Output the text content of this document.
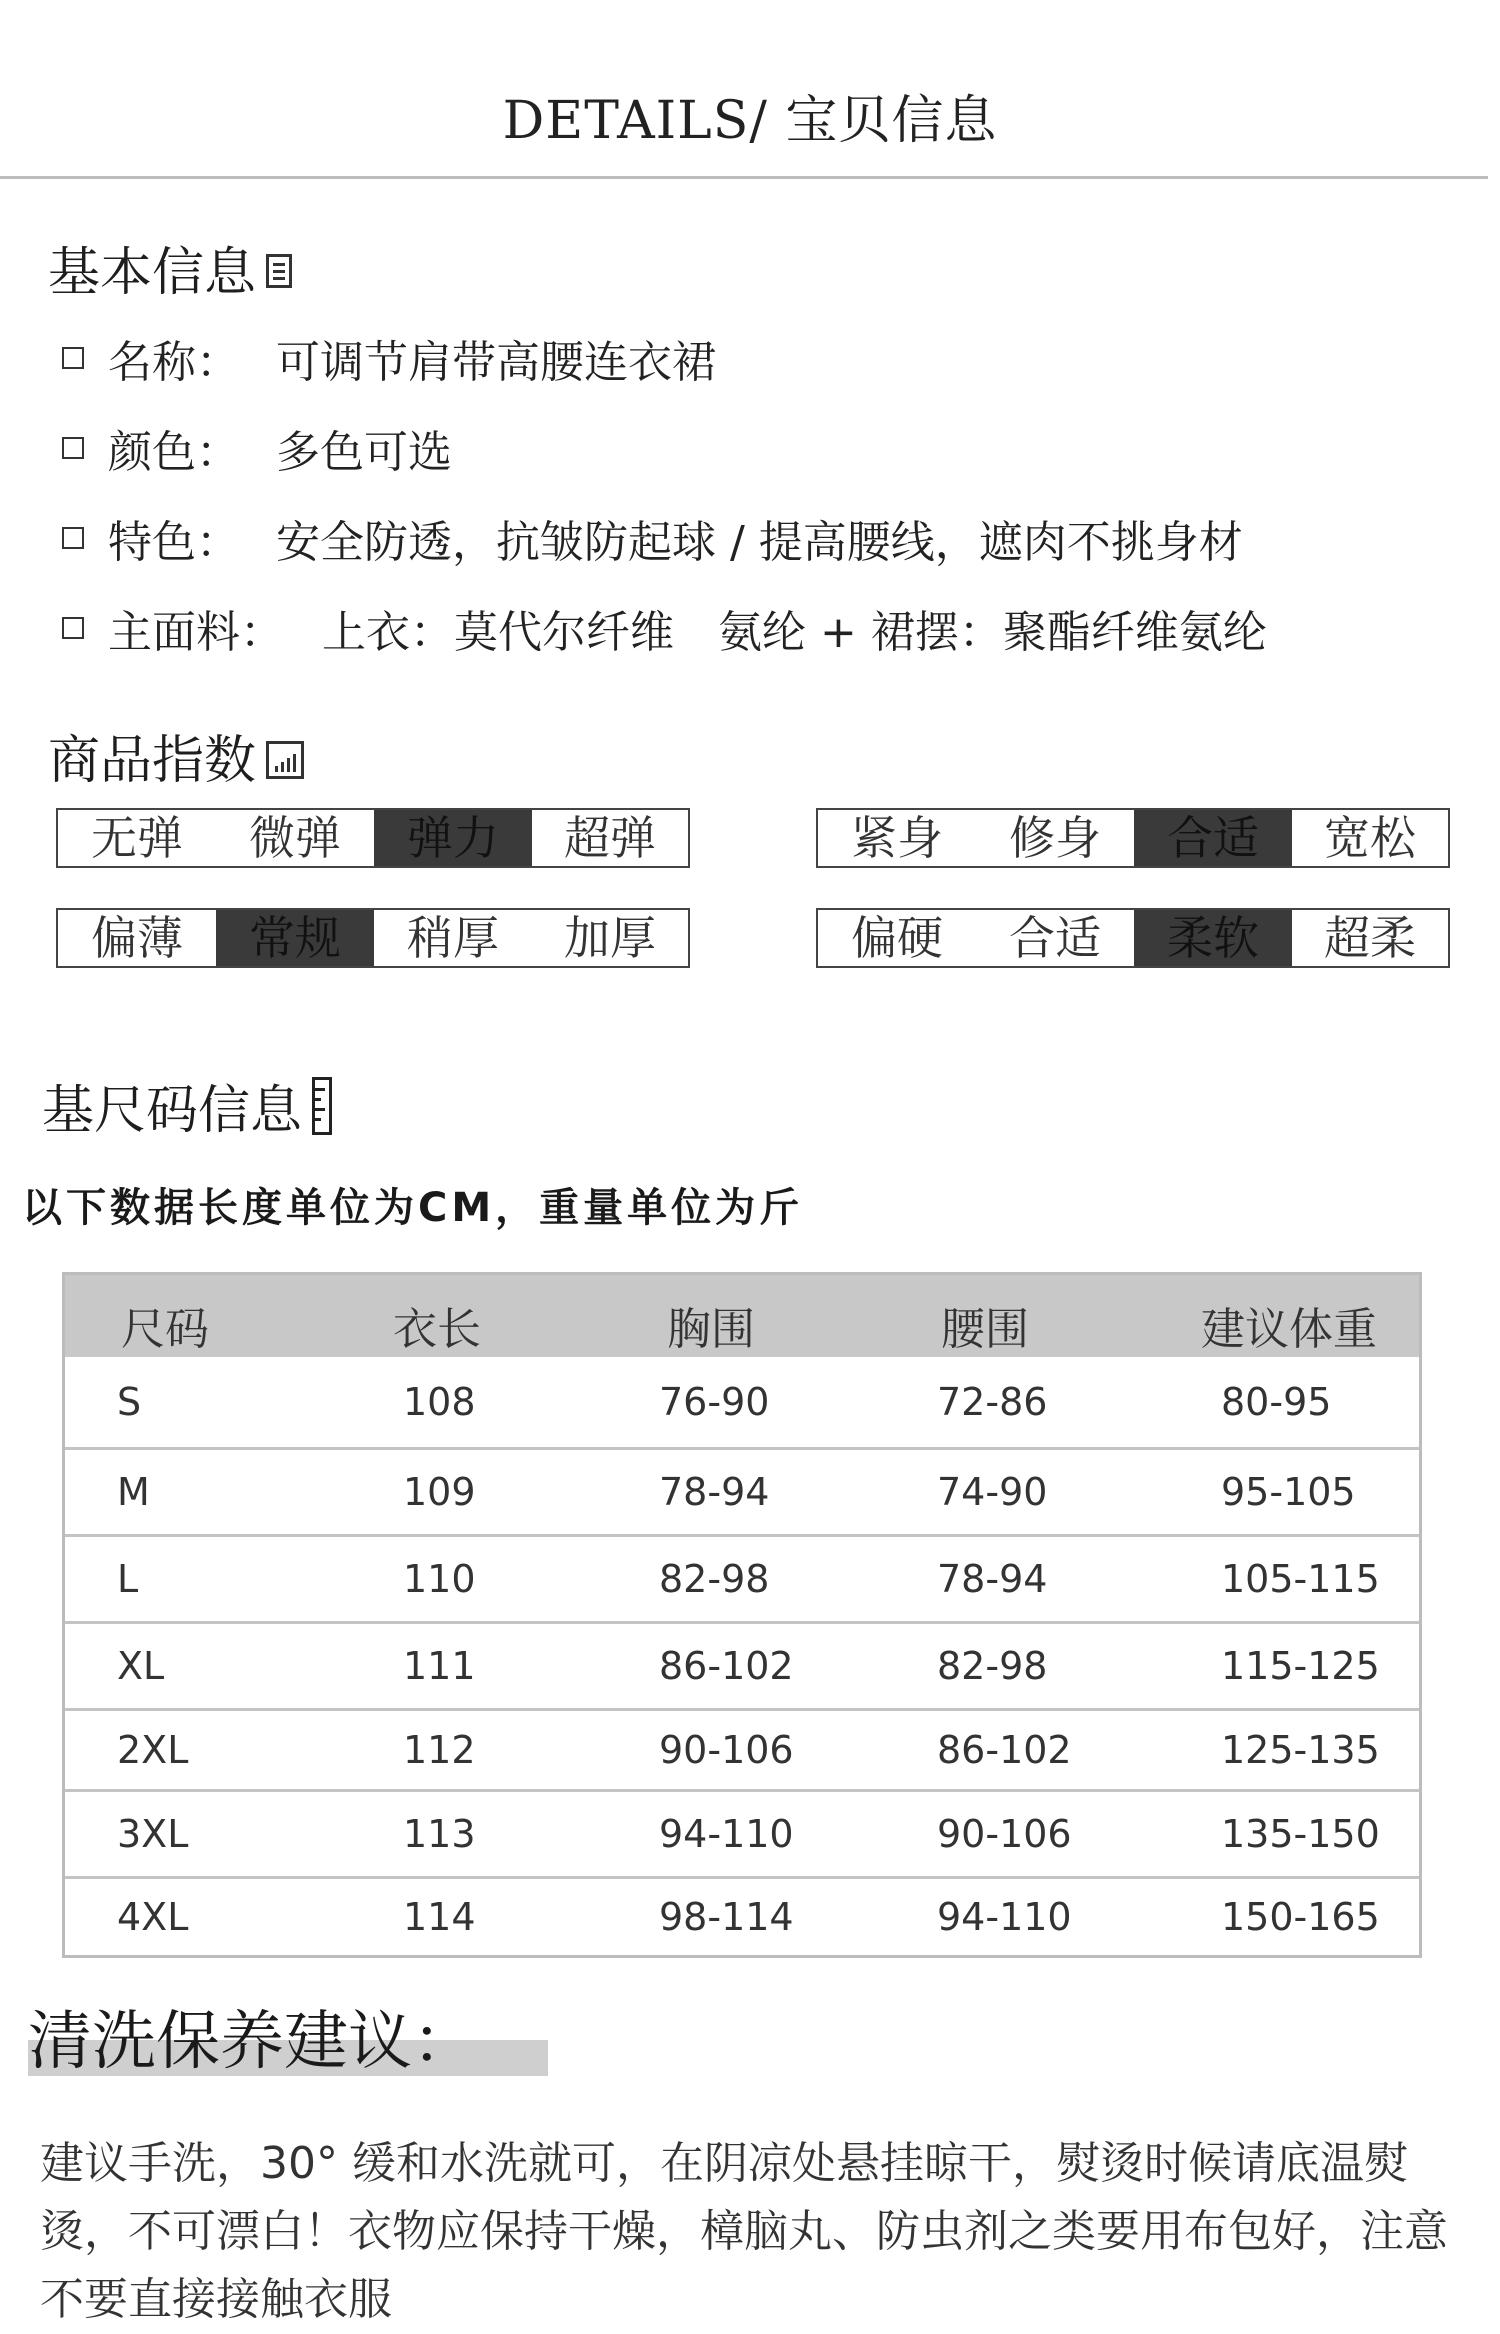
DETAILS/ 宝贝信息
基本信息
名称： 可调节肩带高腰连衣裙
颜色： 多色可选
特色： 安全防透，抗皱防起球 / 提高腰线，遮肉不挑身材
主面料： 上衣：莫代尔纤维　氨纶 + 裙摆：聚酯纤维氨纶
商品指数
无弹	微弹	弹力	超弹	紧身	修身	合适	宽松
偏薄	常规	稍厚	加厚	偏硬	合适	柔软	超柔
基尺码信息
以下数据长度单位为CM，重量单位为斤
尺码	衣长	胸围	腰围	建议体重
S	108	76-90	72-86	80-95
M	109	78-94	74-90	95-105
L	110	82-98	78-94	105-115
XL	111	86-102	82-98	115-125
2XL	112	90-106	86-102	125-135
3XL	113	94-110	90-106	135-150
4XL	114	98-114	94-110	150-165
清洗保养建议：
建议手洗，30° 缓和水洗就可，在阴凉处悬挂晾干，熨烫时候请底温熨烫，不可漂白！衣物应保持干燥，樟脑丸、防虫剂之类要用布包好，注意不要直接接触衣服
